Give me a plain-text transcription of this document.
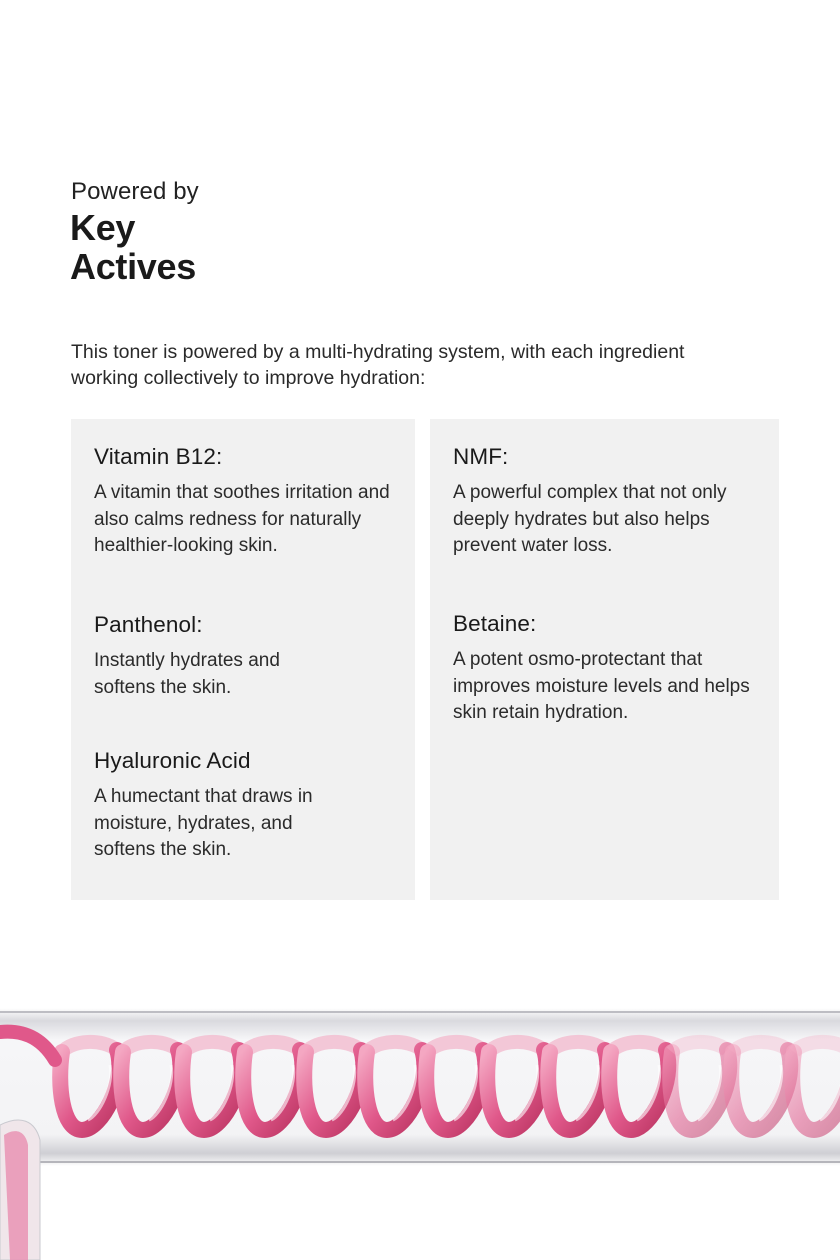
Powered by
Key
Actives

This toner is powered by a multi-hydrating system, with each ingredient working collectively to improve hydration:

Vitamin B12:

A vitamin that soothes irritation and also calms redness for naturally healthier-looking skin.

Panthenol:

Instantly hydrates and softens the skin.

Hyaluronic Acid

A humectant that draws in moisture, hydrates, and softens the skin.

NMF:

A powerful complex that not only deeply hydrates but also helps prevent water loss.

Betaine:

A potent osmo-protectant that improves moisture levels and helps skin retain hydration.
